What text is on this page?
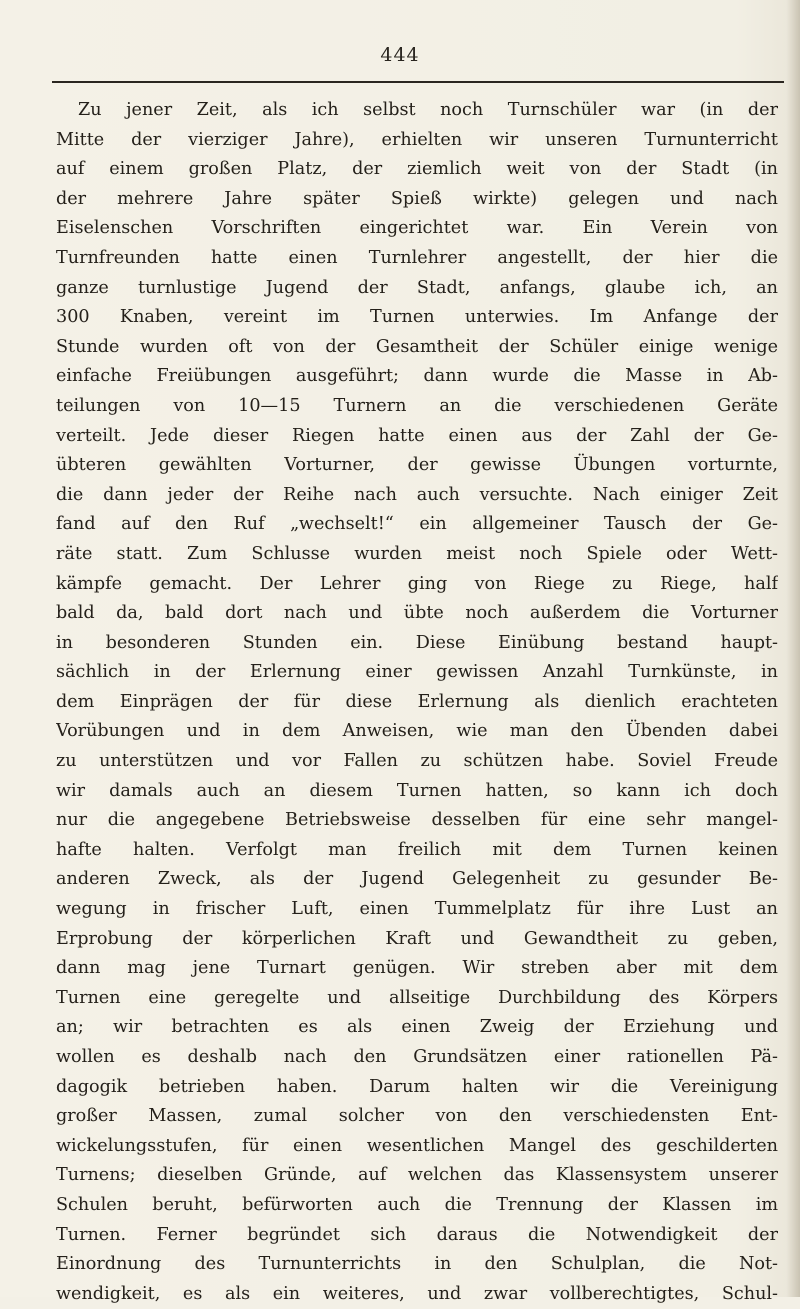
444
Zu jener Zeit, als ich selbst noch Turnschüler war (in der
Mitte der vierziger Jahre), erhielten wir unseren Turnunterricht
auf einem großen Platz, der ziemlich weit von der Stadt (in
der mehrere Jahre später Spieß wirkte) gelegen und nach
Eiselenschen Vorschriften eingerichtet war. Ein Verein von
Turnfreunden hatte einen Turnlehrer angestellt, der hier die
ganze turnlustige Jugend der Stadt, anfangs, glaube ich, an
300 Knaben, vereint im Turnen unterwies. Im Anfange der
Stunde wurden oft von der Gesamtheit der Schüler einige wenige
einfache Freiübungen ausgeführt; dann wurde die Masse in Ab-
teilungen von 10—15 Turnern an die verschiedenen Geräte
verteilt. Jede dieser Riegen hatte einen aus der Zahl der Ge-
übteren gewählten Vorturner, der gewisse Übungen vorturnte,
die dann jeder der Reihe nach auch versuchte. Nach einiger Zeit
fand auf den Ruf „wechselt!“ ein allgemeiner Tausch der Ge-
räte statt. Zum Schlusse wurden meist noch Spiele oder Wett-
kämpfe gemacht. Der Lehrer ging von Riege zu Riege, half
bald da, bald dort nach und übte noch außerdem die Vorturner
in besonderen Stunden ein. Diese Einübung bestand haupt-
sächlich in der Erlernung einer gewissen Anzahl Turnkünste, in
dem Einprägen der für diese Erlernung als dienlich erachteten
Vorübungen und in dem Anweisen, wie man den Übenden dabei
zu unterstützen und vor Fallen zu schützen habe. Soviel Freude
wir damals auch an diesem Turnen hatten, so kann ich doch
nur die angegebene Betriebsweise desselben für eine sehr mangel-
hafte halten. Verfolgt man freilich mit dem Turnen keinen
anderen Zweck, als der Jugend Gelegenheit zu gesunder Be-
wegung in frischer Luft, einen Tummelplatz für ihre Lust an
Erprobung der körperlichen Kraft und Gewandtheit zu geben,
dann mag jene Turnart genügen. Wir streben aber mit dem
Turnen eine geregelte und allseitige Durchbildung des Körpers
an; wir betrachten es als einen Zweig der Erziehung und
wollen es deshalb nach den Grundsätzen einer rationellen Pä-
dagogik betrieben haben. Darum halten wir die Vereinigung
großer Massen, zumal solcher von den verschiedensten Ent-
wickelungsstufen, für einen wesentlichen Mangel des geschilderten
Turnens; dieselben Gründe, auf welchen das Klassensystem unserer
Schulen beruht, befürworten auch die Trennung der Klassen im
Turnen. Ferner begründet sich daraus die Notwendigkeit der
Einordnung des Turnunterrichts in den Schulplan, die Not-
wendigkeit, es als ein weiteres, und zwar vollberechtigtes, Schul-
